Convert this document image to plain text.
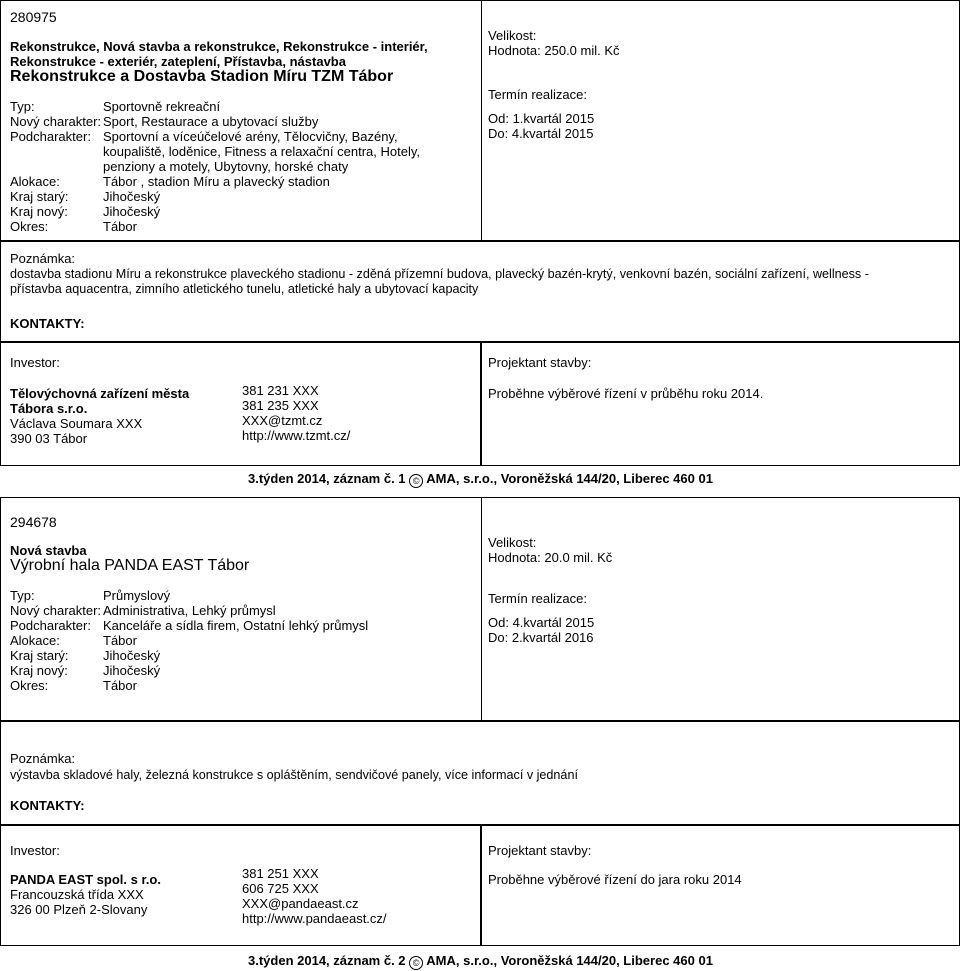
280975
Rekonstrukce, Nová stavba a rekonstrukce, Rekonstrukce - interiér,
Rekonstrukce - exteriér, zateplení, Přístavba, nástavba
Rekonstrukce a Dostavba Stadion Míru TZM Tábor
Typ:	Sportovně rekreační
Nový charakter: Sport, Restaurace a ubytovací služby
Podcharakter: Sportovní a víceúčelové arény, Tělocvičny, Bazény,
koupaliště, loděnice, Fitness a relaxační centra, Hotely,
penziony a motely, Ubytovny, horské chaty
Alokace:	Tábor , stadion Míru a plavecký stadion
Kraj starý:	Jihočeský
Kraj nový:	Jihočeský
Okres:	Tábor
Velikost:
Hodnota: 250.0 mil. Kč
Termín realizace:
Od: 1.kvartál 2015
Do: 4.kvartál 2015
Poznámka:
dostavba stadionu Míru a rekonstrukce plaveckého stadionu - zděná přízemní budova, plavecký bazén-krytý, venkovní bazén, sociální zařízení, wellness -
přístavba aquacentra, zimního atletického tunelu, atletické haly a ubytovací kapacity
KONTAKTY:
Investor:
Tělovýchovná zařízení města
Tábora s.r.o.
Václava Soumara XXX
390 03 Tábor
381 231 XXX
381 235 XXX
XXX@tzmt.cz
http://www.tzmt.cz/
Projektant stavby:
Proběhne výběrové řízení v průběhu roku 2014.
3.týden 2014, záznam č. 1 © AMA, s.r.o., Voroněžská 144/20, Liberec 460 01
294678
Nová stavba
Výrobní hala PANDA EAST Tábor
Typ:	Průmyslový
Nový charakter: Administrativa, Lehký průmysl
Podcharakter: Kanceláře a sídla firem, Ostatní lehký průmysl
Alokace:	Tábor
Kraj starý:	Jihočeský
Kraj nový:	Jihočeský
Okres:	Tábor
Velikost:
Hodnota: 20.0 mil. Kč
Termín realizace:
Od: 4.kvartál 2015
Do: 2.kvartál 2016
Poznámka:
výstavba skladové haly, železná konstrukce s opláštěním, sendvičové panely, více informací v jednání
KONTAKTY:
Investor:
PANDA EAST spol. s r.o.
Francouzská třída XXX
326 00 Plzeň 2-Slovany
381 251 XXX
606 725 XXX
XXX@pandaeast.cz
http://www.pandaeast.cz/
Projektant stavby:
Proběhne výběrové řízení do jara roku 2014
3.týden 2014, záznam č. 2 © AMA, s.r.o., Voroněžská 144/20, Liberec 460 01
